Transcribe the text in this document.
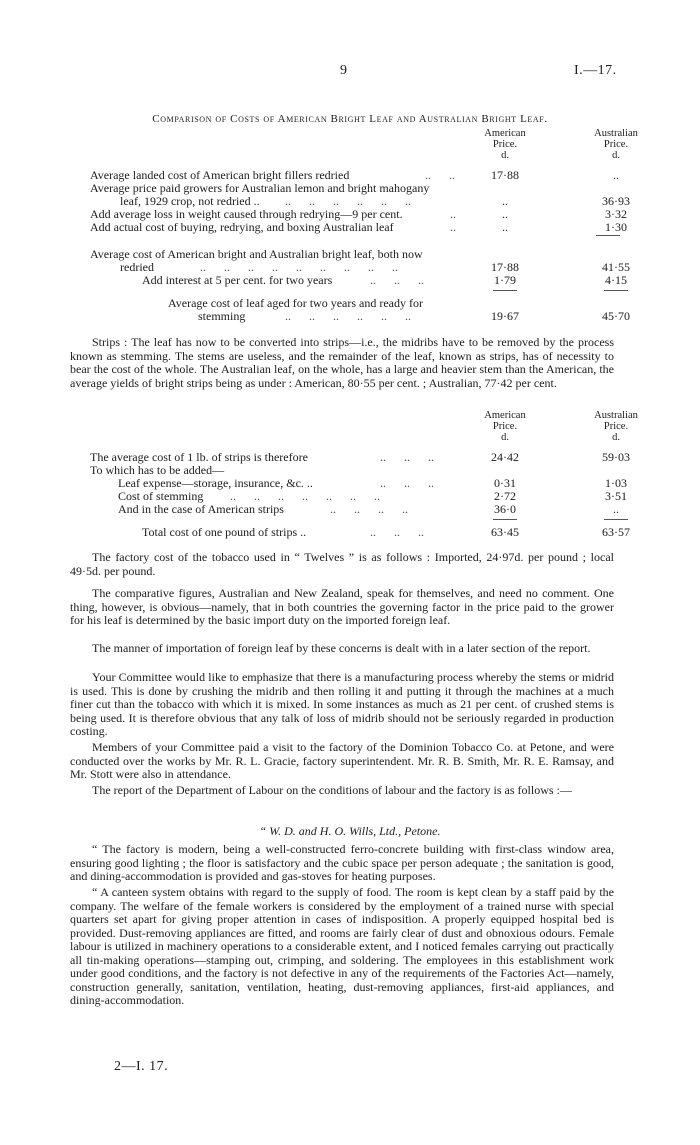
9	I.—17.
Comparison of Costs of American Bright Leaf and Australian Bright Leaf.
American
Price.
d.
Australian
Price.
d.
Average landed cost of American bright fillers redried	..      ..	17·88	..
Average price paid growers for Australian lemon and bright mahogany
leaf, 1929 crop, not redried .. ..      ..      ..      ..      ..      ..	..	36·93
Add average loss in weight caused through redrying—9 per cent.	..	..	3·32
Add actual cost of buying, redrying, and boxing Australian leaf	..	..	1·30
Average cost of American bright and Australian bright leaf, both now
redried	..      ..      ..      ..      ..      ..      ..      ..      ..	17·88	41·55
Add interest at 5 per cent. for two years	..      ..      ..	1·79	4·15
Average cost of leaf aged for two years and ready for
stemming	..      ..      ..      ..      ..      ..	19·67	45·70
Strips : The leaf has now to be converted into strips—i.e., the midribs have to be removed by the process known as stemming. The stems are useless, and the remainder of the leaf, known as strips, has of necessity to bear the cost of the whole. The Australian leaf, on the whole, has a large and heavier stem than the American, the average yields of bright strips being as under : American, 80·55 per cent. ; Australian, 77·42 per cent.
American
Price.
d.
Australian
Price.
d.
The average cost of 1 lb. of strips is therefore	..      ..      ..	24·42	59·03
To which has to be added—
Leaf expense—storage, insurance, &c. ..	..      ..      ..	0·31	1·03
Cost of stemming ..      ..      ..      ..      ..      ..      ..	2·72	3·51
And in the case of American strips	..      ..      ..      ..	36·0	..
Total cost of one pound of strips ..	..      ..      ..	63·45	63·57
The factory cost of the tobacco used in “ Twelves ” is as follows : Imported, 24·97d. per pound ; local 49·5d. per pound.
The comparative figures, Australian and New Zealand, speak for themselves, and need no comment. One thing, however, is obvious—namely, that in both countries the governing factor in the price paid to the grower for his leaf is determined by the basic import duty on the imported foreign leaf.
The manner of importation of foreign leaf by these concerns is dealt with in a later section of the report.
Your Committee would like to emphasize that there is a manufacturing process whereby the stems or midrid is used. This is done by crushing the midrib and then rolling it and putting it through the machines at a much finer cut than the tobacco with which it is mixed. In some instances as much as 21 per cent. of crushed stems is being used. It is therefore obvious that any talk of loss of midrib should not be seriously regarded in production costing.
Members of your Committee paid a visit to the factory of the Dominion Tobacco Co. at Petone, and were conducted over the works by Mr. R. L. Gracie, factory superintendent. Mr. R. B. Smith, Mr. R. E. Ramsay, and Mr. Stott were also in attendance.
The report of the Department of Labour on the conditions of labour and the factory is as follows :—
“ W. D. and H. O. Wills, Ltd., Petone.
“ The factory is modern, being a well-constructed ferro-concrete building with first-class window area, ensuring good lighting ; the floor is satisfactory and the cubic space per person adequate ; the sanitation is good, and dining-accommodation is provided and gas-stoves for heating purposes.
“ A canteen system obtains with regard to the supply of food. The room is kept clean by a staff paid by the company. The welfare of the female workers is considered by the employment of a trained nurse with special quarters set apart for giving proper attention in cases of indisposition. A properly equipped hospital bed is provided. Dust-removing appliances are fitted, and rooms are fairly clear of dust and obnoxious odours. Female labour is utilized in machinery operations to a considerable extent, and I noticed females carrying out practically all tin-making operations—stamping out, crimping, and soldering. The employees in this establishment work under good conditions, and the factory is not defective in any of the requirements of the Factories Act—namely, construction generally, sanitation, ventilation, heating, dust-removing appliances, first-aid appliances, and dining-accommodation.
2—I. 17.
